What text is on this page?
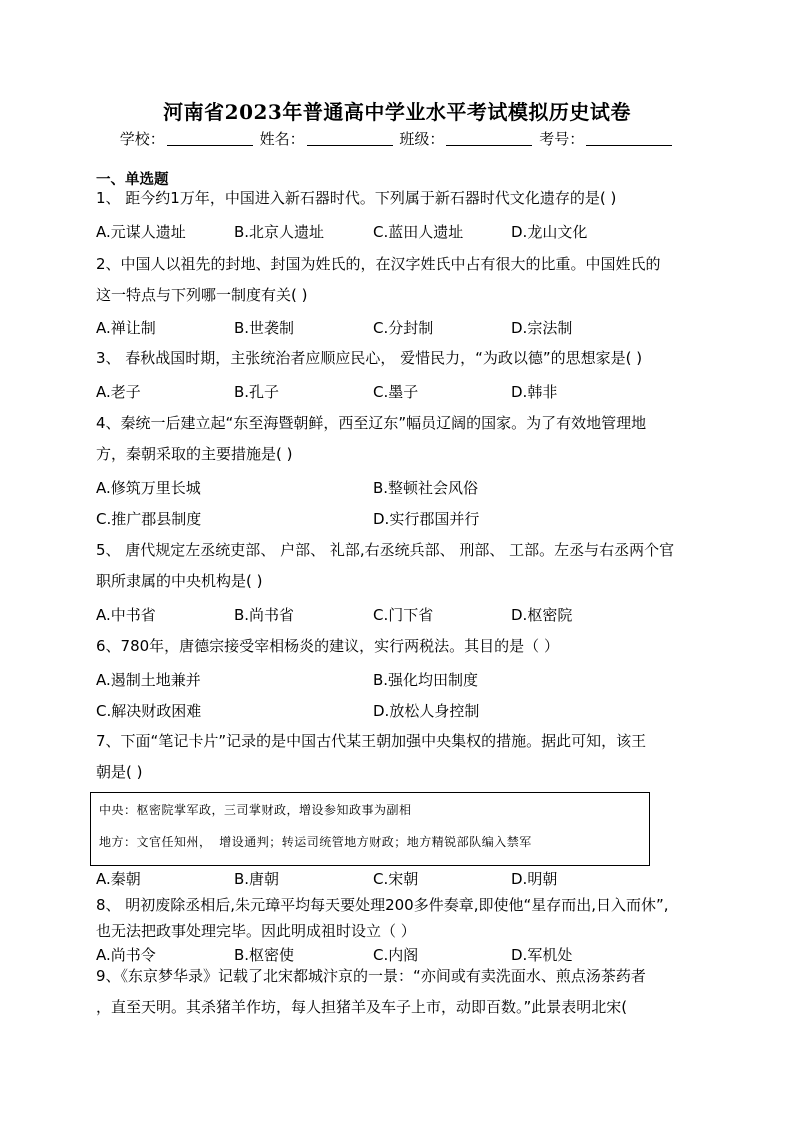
河南省2023年普通高中学业水平考试模拟历史试卷
学校：	姓名：	班级：	考号：
一、单选题
1、 距今约1万年，中国进入新石器时代。下列属于新石器时代文化遗存的是( )
A.元谋人遗址	B.北京人遗址	C.蓝田人遗址	D.龙山文化
2、中国人以祖先的封地、封国为姓氏的，在汉字姓氏中占有很大的比重。中国姓氏的
这一特点与下列哪一制度有关( )
A.禅让制	B.世袭制	C.分封制	D.宗法制
3、 春秋战国时期，主张统治者应顺应民心， 爱惜民力，“为政以德”的思想家是( )
A.老子	B.孔子	C.墨子	D.韩非
4、秦统一后建立起“东至海暨朝鲜，西至辽东”幅员辽阔的国家。为了有效地管理地
方，秦朝采取的主要措施是( )
A.修筑万里长城	B.整顿社会风俗
C.推广郡县制度	D.实行郡国并行
5、 唐代规定左丞统吏部、 户部、 礼部,右丞统兵部、 刑部、 工部。左丞与右丞两个官
职所隶属的中央机构是( )
A.中书省	B.尚书省	C.门下省	D.枢密院
6、780年，唐德宗接受宰相杨炎的建议，实行两税法。其目的是（ ）
A.遏制土地兼并	B.强化均田制度
C.解决财政困难	D.放松人身控制
7、下面“笔记卡片”记录的是中国古代某王朝加强中央集权的措施。据此可知，该王
朝是( )
中央：枢密院掌军政，三司掌财政，增设参知政事为副相
地方：文官任知州， 增设通判；转运司统管地方财政；地方精锐部队编入禁军
A.秦朝	B.唐朝	C.宋朝	D.明朝
8、 明初废除丞相后,朱元璋平均每天要处理200多件奏章,即使他“星存而出,日入而休”,
也无法把政事处理完毕。因此明成祖时设立（ ）
A.尚书令	B.枢密使	C.内阁	D.军机处
9、《东京梦华录》记载了北宋都城汴京的一景：“亦间或有卖洗面水、煎点汤茶药者
，直至天明。其杀猪羊作坊，每人担猪羊及车子上市，动即百数。”此景表明北宋(
